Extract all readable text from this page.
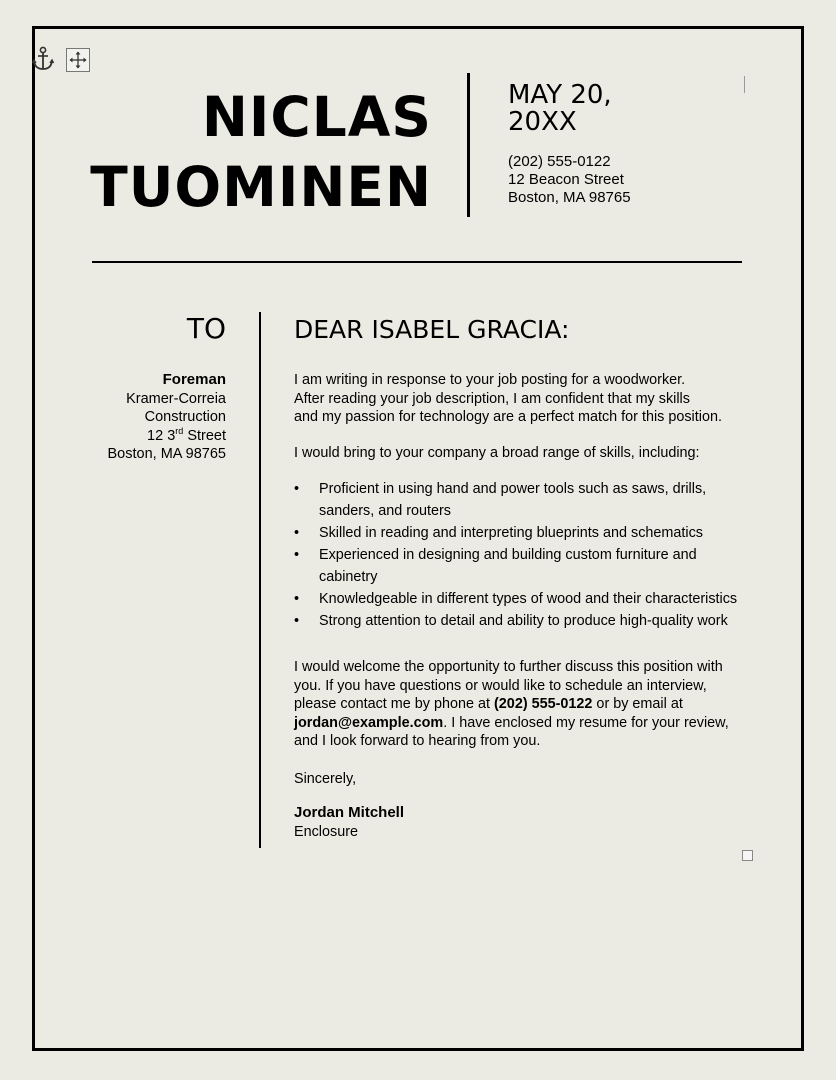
NICLAS
TUOMINEN
MAY 20,
20XX
(202) 555-0122
12 Beacon Street
Boston, MA 98765
TO
Foreman
Kramer-Correia
Construction
12 3rd Street
Boston, MA 98765
DEAR ISABEL GRACIA:

I am writing in response to your job posting for a woodworker.
After reading your job description, I am confident that my skills
and my passion for technology are a perfect match for this position.

I would bring to your company a broad range of skills, including:

•	Proficient in using hand and power tools such as saws, drills,
sanders, and routers
•	Skilled in reading and interpreting blueprints and schematics
•	Experienced in designing and building custom furniture and
cabinetry
•	Knowledgeable in different types of wood and their characteristics
•	Strong attention to detail and ability to produce high-quality work

I would welcome the opportunity to further discuss this position with
you. If you have questions or would like to schedule an interview,
please contact me by phone at (202) 555-0122 or by email at
jordan@example.com. I have enclosed my resume for your review,
and I look forward to hearing from you.

Sincerely,

Jordan Mitchell

Enclosure
